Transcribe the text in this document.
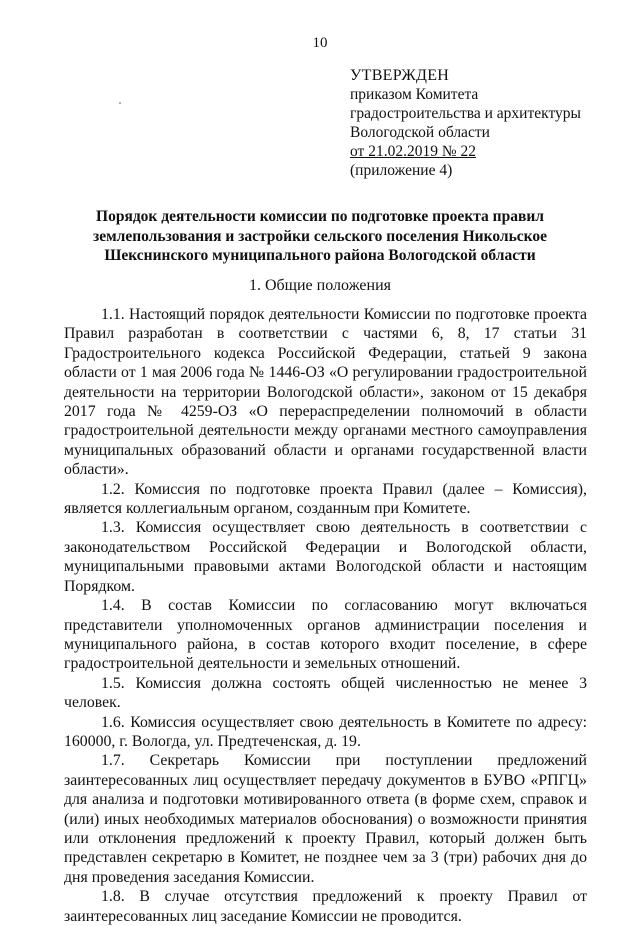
10
УТВЕРЖДЕН
приказом Комитета
градостроительства и архитектуры
Вологодской области
от 21.02.2019 № 22
(приложение 4)
Порядок деятельности комиссии по подготовке проекта правил
землепользования и застройки сельского поселения Никольское
Шекснинского муниципального района Вологодской области
1. Общие положения

1.1. Настоящий порядок деятельности Комиссии по подготовке проекта Правил разработан в соответствии с частями 6, 8, 17 статьи 31 Градостроительного кодекса Российской Федерации, статьей 9 закона области от 1 мая 2006 года № 1446-ОЗ «О регулировании градостроительной деятельности на территории Вологодской области», законом от 15 декабря 2017 года № 4259-ОЗ «О перераспределении полномочий в области градостроительной деятельности между органами местного самоуправления муниципальных образований области и органами государственной власти области».

1.2. Комиссия по подготовке проекта Правил (далее – Комиссия), является коллегиальным органом, созданным при Комитете.

1.3. Комиссия осуществляет свою деятельность в соответствии с законодательством Российской Федерации и Вологодской области, муниципальными правовыми актами Вологодской области и настоящим Порядком.

1.4. В состав Комиссии по согласованию могут включаться представители уполномоченных органов администрации поселения и муниципального района, в состав которого входит поселение, в сфере градостроительной деятельности и земельных отношений.

1.5. Комиссия должна состоять общей численностью не менее 3 человек.

1.6. Комиссия осуществляет свою деятельность в Комитете по адресу: 160000, г. Вологда, ул. Предтеченская, д. 19.

1.7. Секретарь Комиссии при поступлении предложений заинтересованных лиц осуществляет передачу документов в БУВО «РПГЦ» для анализа и подготовки мотивированного ответа (в форме схем, справок и (или) иных необходимых материалов обоснования) о возможности принятия или отклонения предложений к проекту Правил, который должен быть представлен секретарю в Комитет, не позднее чем за 3 (три) рабочих дня до дня проведения заседания Комиссии.

1.8. В случае отсутствия предложений к проекту Правил от заинтересованных лиц заседание Комиссии не проводится.
